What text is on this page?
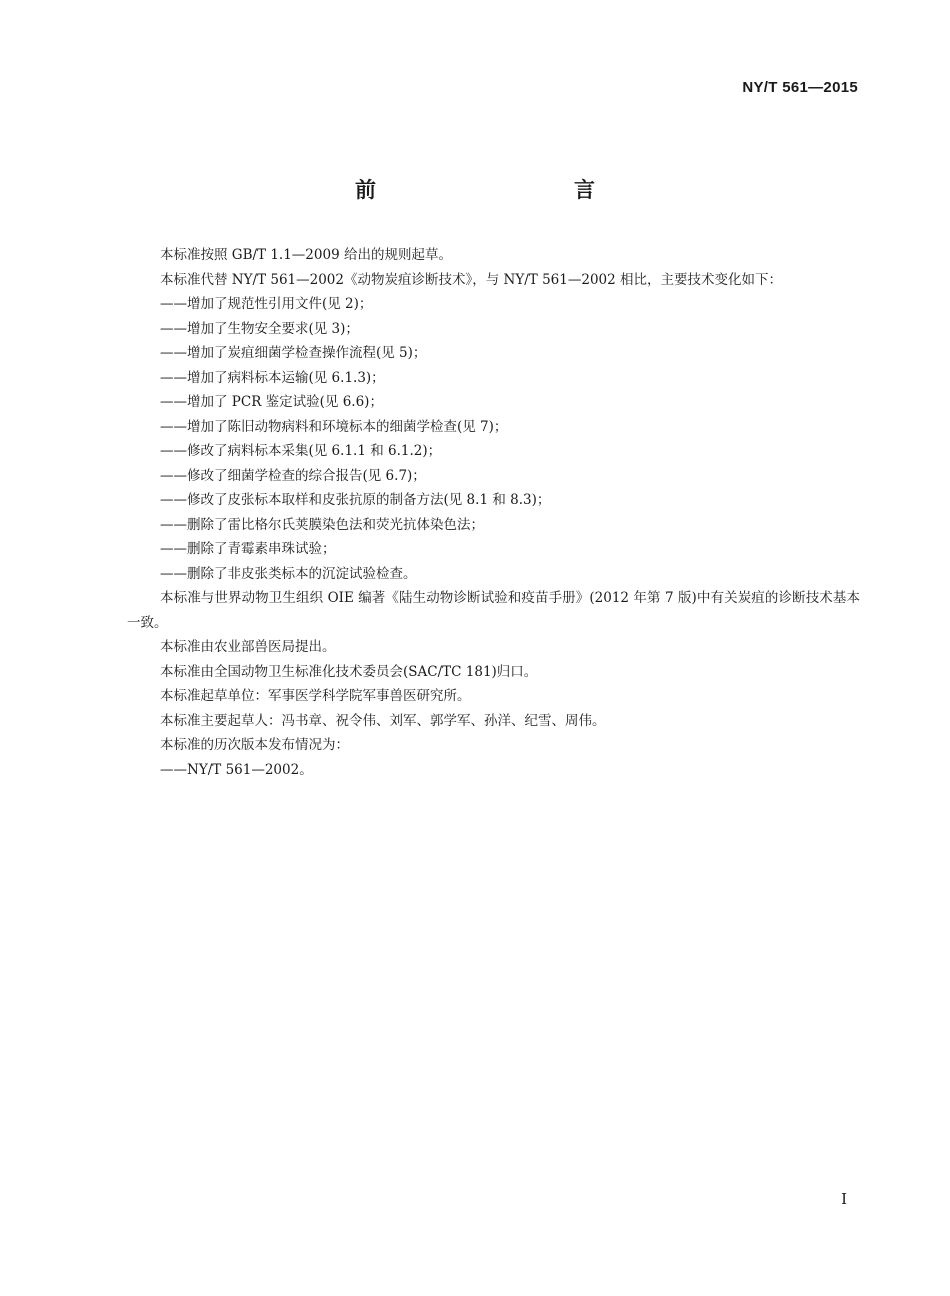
NY/T 561—2015
前　　言

本标准按照 GB/T 1.1—2009 给出的规则起草。

本标准代替 NY/T 561—2002《动物炭疽诊断技术》，与 NY/T 561—2002 相比，主要技术变化如下：

——增加了规范性引用文件(见 2)；
——增加了生物安全要求(见 3)；
——增加了炭疽细菌学检查操作流程(见 5)；
——增加了病料标本运输(见 6.1.3)；
——增加了 PCR 鉴定试验(见 6.6)；
——增加了陈旧动物病料和环境标本的细菌学检查(见 7)；
——修改了病料标本采集(见 6.1.1 和 6.1.2)；
——修改了细菌学检查的综合报告(见 6.7)；
——修改了皮张标本取样和皮张抗原的制备方法(见 8.1 和 8.3)；
——删除了雷比格尔氏荚膜染色法和荧光抗体染色法；
——删除了青霉素串珠试验；
——删除了非皮张类标本的沉淀试验检查。

本标准与世界动物卫生组织 OIE 编著《陆生动物诊断试验和疫苗手册》(2012 年第 7 版)中有关炭疽的诊断技术基本一致。

本标准由农业部兽医局提出。

本标准由全国动物卫生标准化技术委员会(SAC/TC 181)归口。

本标准起草单位：军事医学科学院军事兽医研究所。

本标准主要起草人：冯书章、祝令伟、刘军、郭学军、孙洋、纪雪、周伟。

本标准的历次版本发布情况为：

——NY/T 561—2002。
I
